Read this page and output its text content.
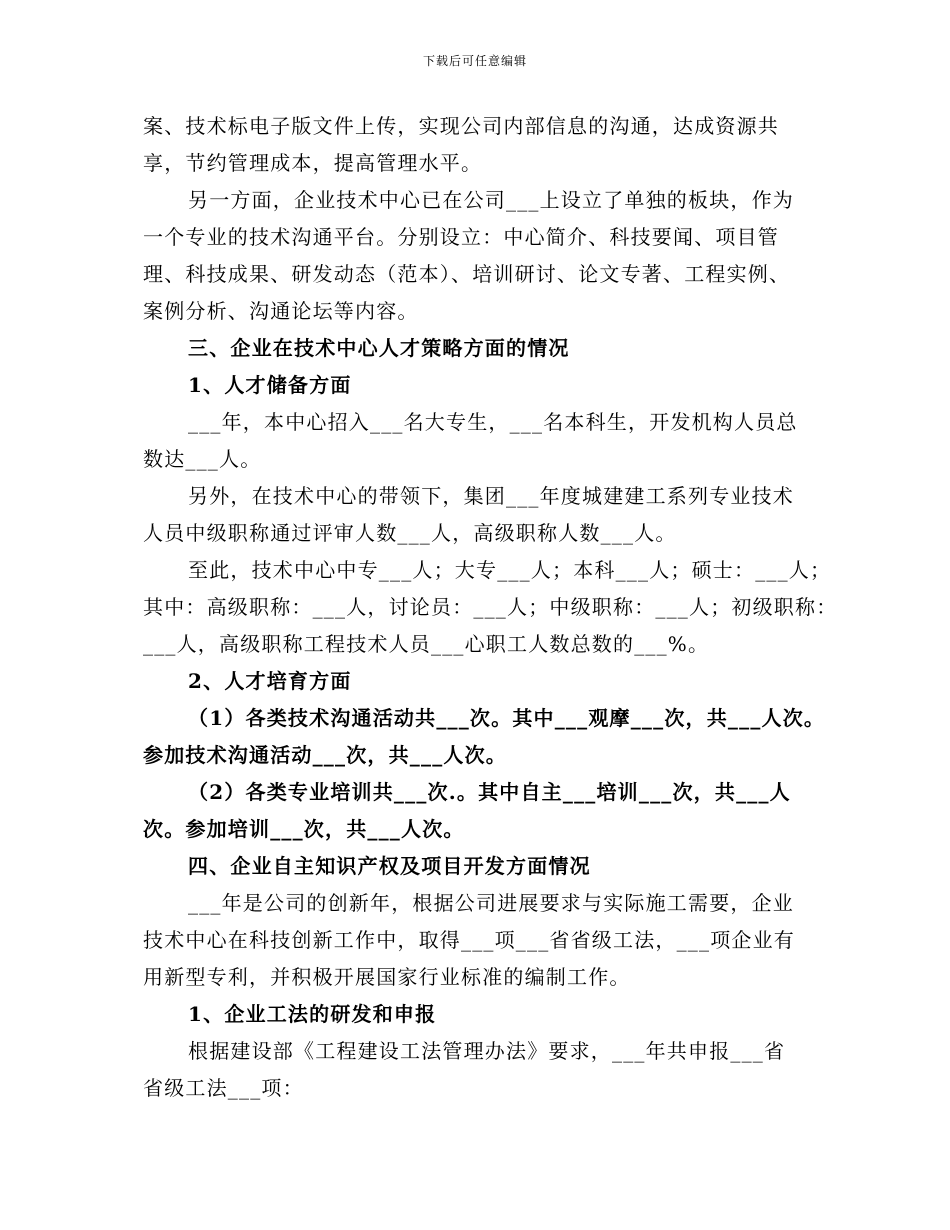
下载后可任意编辑
案、技术标电子版文件上传，实现公司内部信息的沟通，达成资源共
享，节约管理成本，提高管理水平。
另一方面，企业技术中心已在公司___上设立了单独的板块，作为
一个专业的技术沟通平台。分别设立：中心简介、科技要闻、项目管
理、科技成果、研发动态（范本）、培训研讨、论文专著、工程实例、
案例分析、沟通论坛等内容。
三、企业在技术中心人才策略方面的情况
1、人才储备方面
___年，本中心招入___名大专生，___名本科生，开发机构人员总
数达___人。
另外，在技术中心的带领下，集团___年度城建建工系列专业技术
人员中级职称通过评审人数___人，高级职称人数___人。
至此，技术中心中专___人；大专___人；本科___人；硕士：___人；
其中：高级职称：___人，讨论员：___人；中级职称：___人；初级职称：
___人，高级职称工程技术人员___心职工人数总数的___%。
2、人才培育方面
（1）各类技术沟通活动共___次。其中___观摩___次，共___人次。
参加技术沟通活动___次，共___人次。
（2）各类专业培训共___次.。其中自主___培训___次，共___人
次。参加培训___次，共___人次。
四、企业自主知识产权及项目开发方面情况
___年是公司的创新年，根据公司进展要求与实际施工需要，企业
技术中心在科技创新工作中，取得___项___省省级工法，___项企业有
用新型专利，并积极开展国家行业标准的编制工作。
1、企业工法的研发和申报
根据建设部《工程建设工法管理办法》要求，___年共申报___省
省级工法___项：
